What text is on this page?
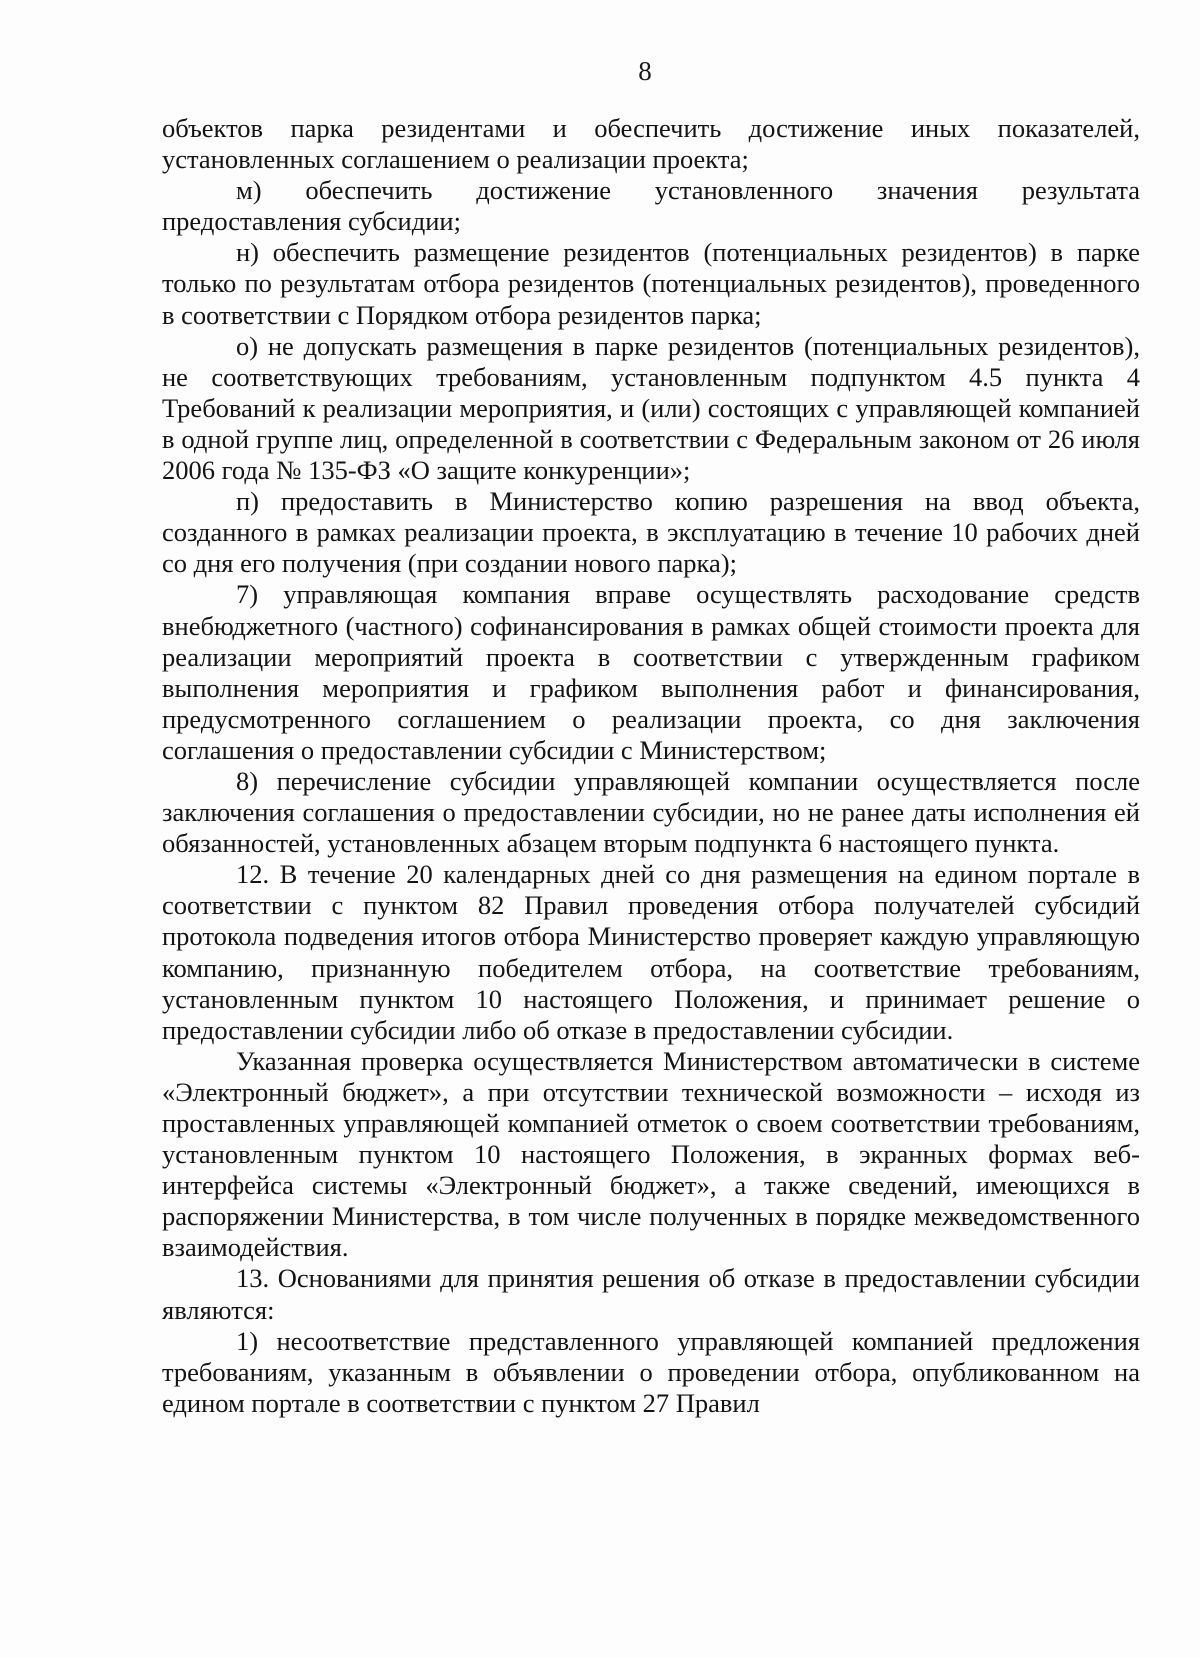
8

объектов парка резидентами и обеспечить достижение иных показателей, установленных соглашением о реализации проекта;

м) обеспечить достижение установленного значения результата предоставления субсидии;

н) обеспечить размещение резидентов (потенциальных резидентов) в парке только по результатам отбора резидентов (потенциальных резидентов), проведенного в соответствии с Порядком отбора резидентов парка;

о) не допускать размещения в парке резидентов (потенциальных резидентов), не соответствующих требованиям, установленным подпунктом 4.5 пункта 4 Требований к реализации мероприятия, и (или) состоящих с управляющей компанией в одной группе лиц, определенной в соответствии с Федеральным законом от 26 июля 2006 года № 135-ФЗ «О защите конкуренции»;

п) предоставить в Министерство копию разрешения на ввод объекта, созданного в рамках реализации проекта, в эксплуатацию в течение 10 рабочих дней со дня его получения (при создании нового парка);

7) управляющая компания вправе осуществлять расходование средств внебюджетного (частного) софинансирования в рамках общей стоимости проекта для реализации мероприятий проекта в соответствии с утвержденным графиком выполнения мероприятия и графиком выполнения работ и финансирования, предусмотренного соглашением о реализации проекта, со дня заключения соглашения о предоставлении субсидии с Министерством;

8) перечисление субсидии управляющей компании осуществляется после заключения соглашения о предоставлении субсидии, но не ранее даты исполнения ей обязанностей, установленных абзацем вторым подпункта 6 настоящего пункта.

12. В течение 20 календарных дней со дня размещения на едином портале в соответствии с пунктом 82 Правил проведения отбора получателей субсидий протокола подведения итогов отбора Министерство проверяет каждую управляющую компанию, признанную победителем отбора, на соответствие требованиям, установленным пунктом 10 настоящего Положения, и принимает решение о предоставлении субсидии либо об отказе в предоставлении субсидии.

Указанная проверка осуществляется Министерством автоматически в системе «Электронный бюджет», а при отсутствии технической возможности – исходя из проставленных управляющей компанией отметок о своем соответствии требованиям, установленным пунктом 10 настоящего Положения, в экранных формах веб-интерфейса системы «Электронный бюджет», а также сведений, имеющихся в распоряжении Министерства, в том числе полученных в порядке межведомственного взаимодействия.

13. Основаниями для принятия решения об отказе в предоставлении субсидии являются:

1) несоответствие представленного управляющей компанией предложения требованиям, указанным в объявлении о проведении отбора, опубликованном на едином портале в соответствии с пунктом 27 Правил
